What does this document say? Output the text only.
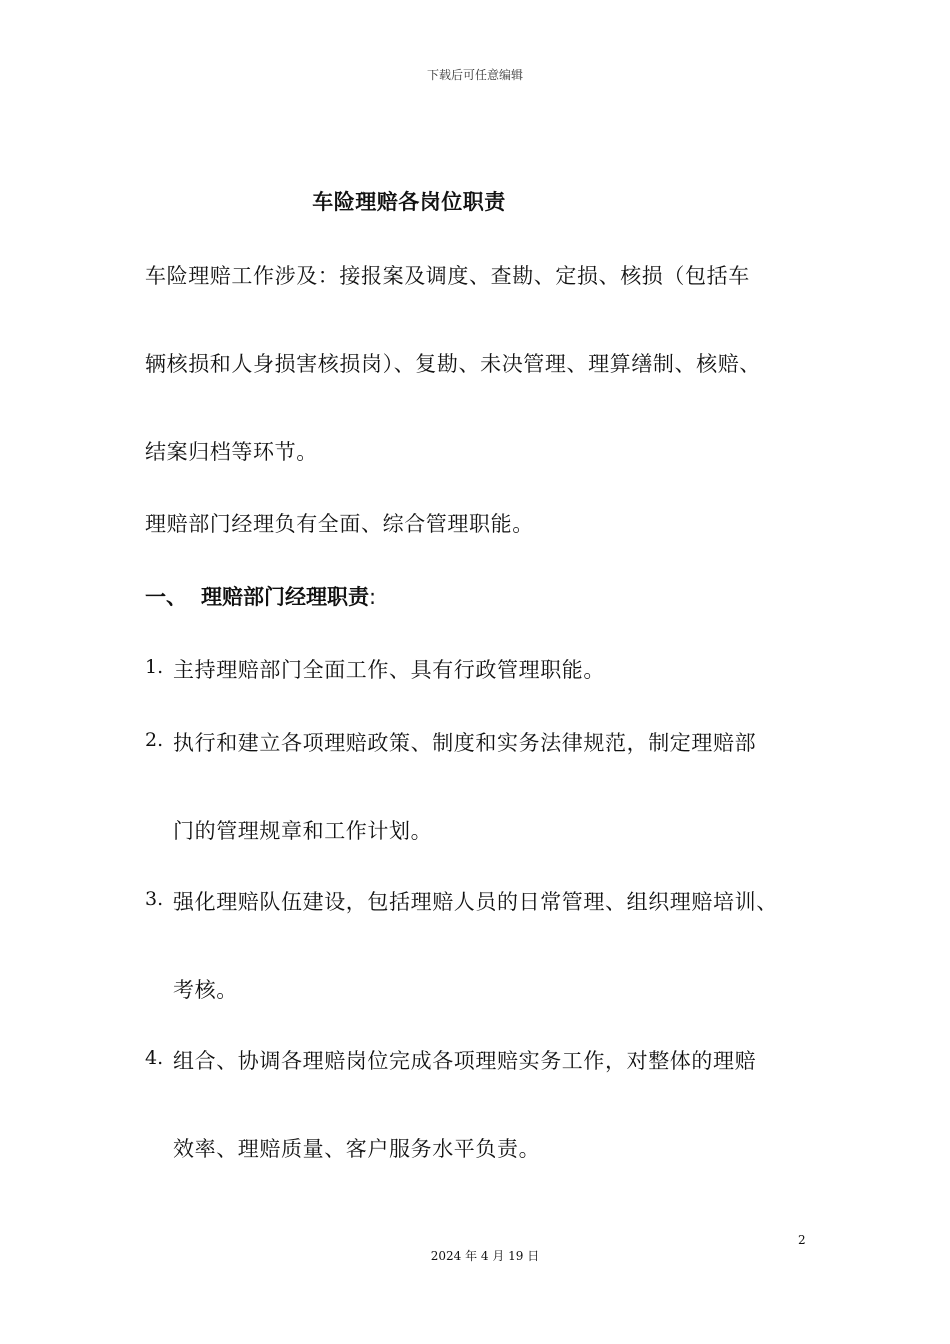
下载后可任意编辑
车险理赔各岗位职责
车险理赔工作涉及：接报案及调度、查勘、定损、核损（包括车
辆核损和人身损害核损岗）、复勘、未决管理、理算缮制、核赔、
结案归档等环节。
理赔部门经理负有全面、综合管理职能。
一、 理赔部门经理职责:
1. 主持理赔部门全面工作、具有行政管理职能。
2. 执行和建立各项理赔政策、制度和实务法律规范，制定理赔部
门的管理规章和工作计划。
3. 强化理赔队伍建设，包括理赔人员的日常管理、组织理赔培训、
考核。
4. 组合、协调各理赔岗位完成各项理赔实务工作，对整体的理赔
效率、理赔质量、客户服务水平负责。
2
2024 年 4 月 19 日
